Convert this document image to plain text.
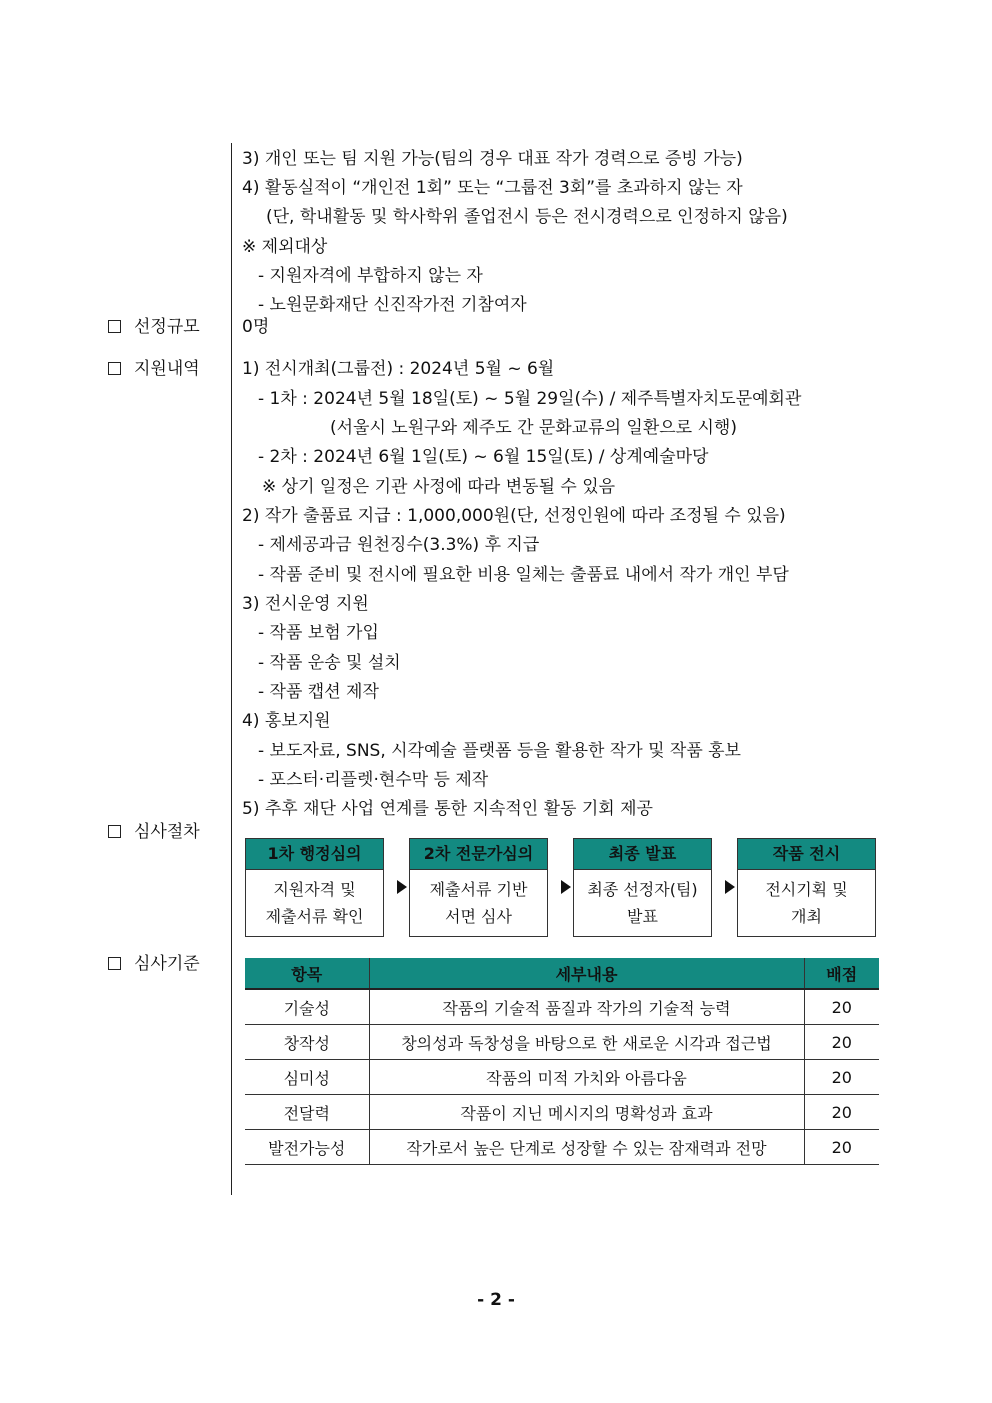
3) 개인 또는 팀 지원 가능(팀의 경우 대표 작가 경력으로 증빙 가능)
4) 활동실적이 “개인전 1회” 또는 “그룹전 3회”를 초과하지 않는 자
(단, 학내활동 및 학사학위 졸업전시 등은 전시경력으로 인정하지 않음)
※ 제외대상
- 지원자격에 부합하지 않는 자
- 노원문화재단 신진작가전 기참여자
선정규모 0명
지원내역 1) 전시개최(그룹전) : 2024년 5월 ~ 6월
- 1차 : 2024년 5월 18일(토) ~ 5월 29일(수) / 제주특별자치도문예회관
(서울시 노원구와 제주도 간 문화교류의 일환으로 시행)
- 2차 : 2024년 6월 1일(토) ~ 6월 15일(토) / 상계예술마당
※ 상기 일정은 기관 사정에 따라 변동될 수 있음
2) 작가 출품료 지급 : 1,000,000원(단, 선정인원에 따라 조정될 수 있음)
- 제세공과금 원천징수(3.3%) 후 지급
- 작품 준비 및 전시에 필요한 비용 일체는 출품료 내에서 작가 개인 부담
3) 전시운영 지원
- 작품 보험 가입
- 작품 운송 및 설치
- 작품 캡션 제작
4) 홍보지원
- 보도자료, SNS, 시각예술 플랫폼 등을 활용한 작가 및 작품 홍보
- 포스터·리플렛·현수막 등 제작
5) 추후 재단 사업 연계를 통한 지속적인 활동 기회 제공
심사절차
1차 행정심의
지원자격 및
제출서류 확인
2차 전문가심의
제출서류 기반
서면 심사
최종 발표
최종 선정자(팀)
발표
작품 전시
전시기획 및
개최
심사기준	항목	세부내용	배점
기술성	작품의 기술적 품질과 작가의 기술적 능력	20
창작성	창의성과 독창성을 바탕으로 한 새로운 시각과 접근법	20
심미성	작품의 미적 가치와 아름다움	20
전달력	작품이 지닌 메시지의 명확성과 효과	20
발전가능성	작가로서 높은 단계로 성장할 수 있는 잠재력과 전망	20
- 2 -
